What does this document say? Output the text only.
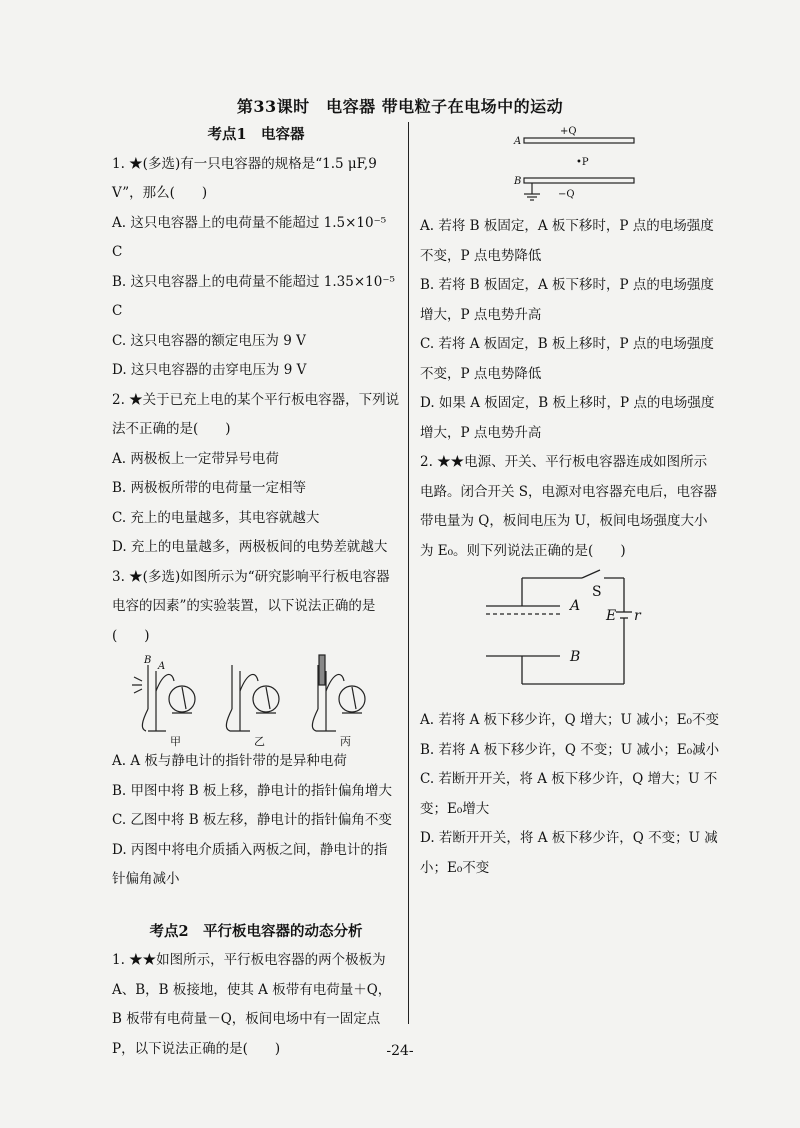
第33课时　电容器 带电粒子在电场中的运动

考点1　电容器

1. ★(多选)有一只电容器的规格是“1.5 μF,9 V”，那么(　　)

A. 这只电容器上的电荷量不能超过 1.5×10⁻⁵ C

B. 这只电容器上的电荷量不能超过 1.35×10⁻⁵ C

C. 这只电容器的额定电压为 9 V

D. 这只电容器的击穿电压为 9 V

2. ★关于已充上电的某个平行板电容器，下列说法不正确的是(　　)

A. 两极板上一定带异号电荷

B. 两极板所带的电荷量一定相等

C. 充上的电量越多，其电容就越大

D. 充上的电量越多，两极板间的电势差就越大

3. ★(多选)如图所示为“研究影响平行板电容器电容的因素”的实验装置，以下说法正确的是(　　)

B
A
甲	乙	丙

A. A 板与静电计的指针带的是异种电荷

B. 甲图中将 B 板上移，静电计的指针偏角增大

C. 乙图中将 B 板左移，静电计的指针偏角不变

D. 丙图中将电介质插入两板之间，静电计的指针偏角减小

考点2　平行板电容器的动态分析

1. ★★如图所示，平行板电容器的两个极板为 A、B，B 板接地，使其 A 板带有电荷量＋Q，B 板带有电荷量－Q，板间电场中有一固定点 P，以下说法正确的是(　　)

A
+Q
•P
B
−Q

A. 若将 B 板固定，A 板下移时，P 点的电场强度不变，P 点电势降低

B. 若将 B 板固定，A 板下移时，P 点的电场强度增大，P 点电势升高

C. 若将 A 板固定，B 板上移时，P 点的电场强度不变，P 点电势降低

D. 如果 A 板固定，B 板上移时，P 点的电场强度增大，P 点电势升高

2. ★★电源、开关、平行板电容器连成如图所示电路。闭合开关 S，电源对电容器充电后，电容器带电量为 Q，板间电压为 U，板间电场强度大小为 E₀。则下列说法正确的是(　　)

S
A
E r
B

A. 若将 A 板下移少许，Q 增大；U 减小；E₀不变

B. 若将 A 板下移少许，Q 不变；U 减小；E₀减小

C. 若断开开关，将 A 板下移少许，Q 增大；U 不变；E₀增大

D. 若断开开关，将 A 板下移少许，Q 不变；U 减小；E₀不变

-24-
